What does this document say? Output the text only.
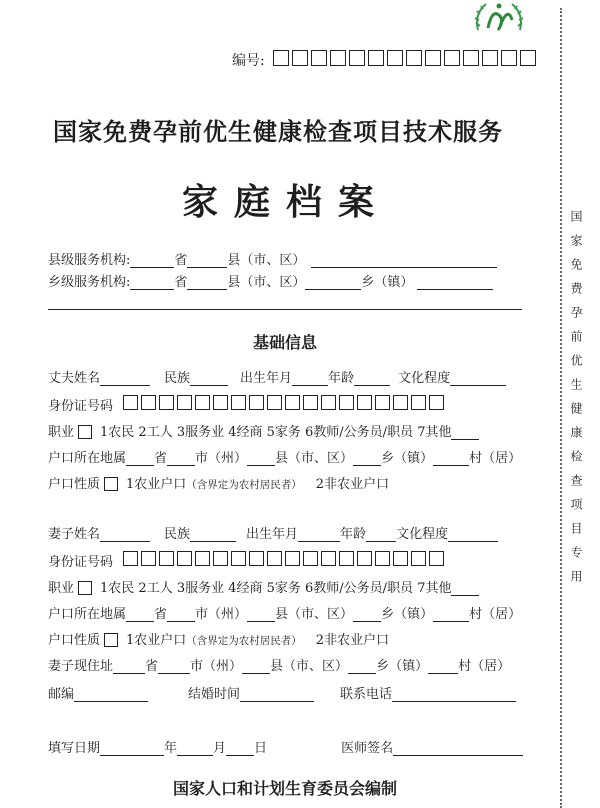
编号:
国家免费孕前优生健康检查项目技术服务
家庭档案
县级服务机构:	省	县（市、区）
乡级服务机构:	省	县（市、区）	乡（镇）
基础信息
丈夫姓名	民族	出生年月	年龄	文化程度
身份证号码
职业 1农民 2工人 3服务业 4经商 5家务 6教师/公务员/职员 7其他
户口所在地属 省 市（州） 县（市、区） 乡（镇）	村（居）
户口性质 1农业户口 （含界定为农村居民者） 2非农业户口
妻子姓名	民族	出生年月	年龄 文化程度
身份证号码
职业 1农民 2工人 3服务业 4经商 5家务 6教师/公务员/职员 7其他
户口所在地属 省 市（州） 县（市、区） 乡（镇）	村（居）
户口性质 1农业户口 （含界定为农村居民者） 2非农业户口
妻子现住址 省 市（州） 县（市、区） 乡（镇） 村（居）
邮编	结婚时间	联系电话
填写日期	年	月 日	医师签名
国家人口和计划生育委员会编制
国家免费孕前优生健康检查项目专用
